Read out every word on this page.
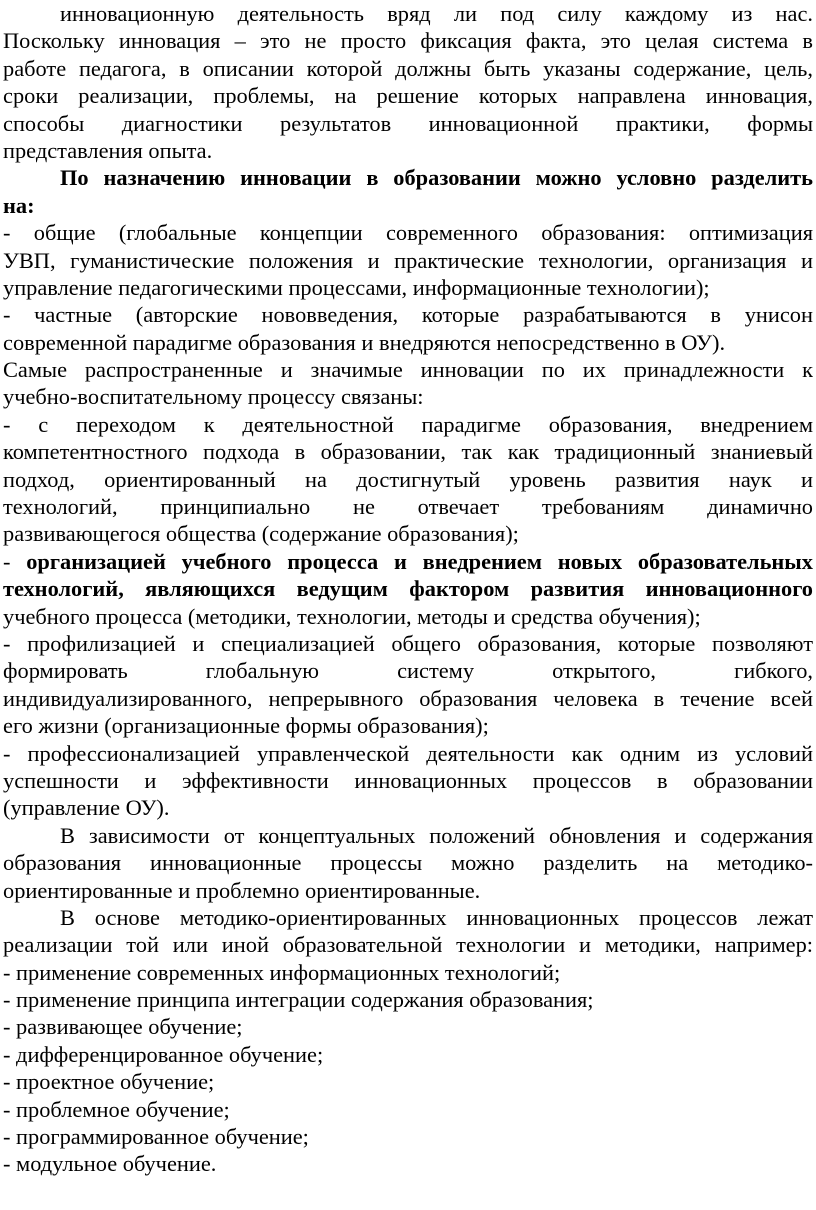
инновационную деятельность вряд ли под силу каждому из нас.
Поскольку инновация – это не просто фиксация факта, это целая система в
работе педагога, в описании которой должны быть указаны содержание, цель,
сроки реализации, проблемы, на решение которых направлена инновация,
способы диагностики результатов инновационной практики, формы
представления опыта.
По назначению инновации в образовании можно условно разделить
на:
- общие (глобальные концепции современного образования: оптимизация
УВП, гуманистические положения и практические технологии, организация и
управление педагогическими процессами, информационные технологии);
- частные (авторские нововведения, которые разрабатываются в унисон
современной парадигме образования и внедряются непосредственно в ОУ).
Самые распространенные и значимые инновации по их принадлежности к
учебно-воспитательному процессу связаны:
- с переходом к деятельностной парадигме образования, внедрением
компетентностного подхода в образовании, так как традиционный знаниевый
подход, ориентированный на достигнутый уровень развития наук и
технологий, принципиально не отвечает требованиям динамично
развивающегося общества (содержание образования);
- организацией учебного процесса и внедрением новых образовательных
технологий, являющихся ведущим фактором развития инновационного
учебного процесса (методики, технологии, методы и средства обучения);
- профилизацией и специализацией общего образования, которые позволяют
формировать глобальную систему открытого, гибкого,
индивидуализированного, непрерывного образования человека в течение всей
его жизни (организационные формы образования);
- профессионализацией управленческой деятельности как одним из условий
успешности и эффективности инновационных процессов в образовании
(управление ОУ).
В зависимости от концептуальных положений обновления и содержания
образования инновационные процессы можно разделить на методико-
ориентированные и проблемно ориентированные.
В основе методико-ориентированных инновационных процессов лежат
реализации той или иной образовательной технологии и методики, например:
- применение современных информационных технологий;
- применение принципа интеграции содержания образования;
- развивающее обучение;
- дифференцированное обучение;
- проектное обучение;
- проблемное обучение;
- программированное обучение;
- модульное обучение.
